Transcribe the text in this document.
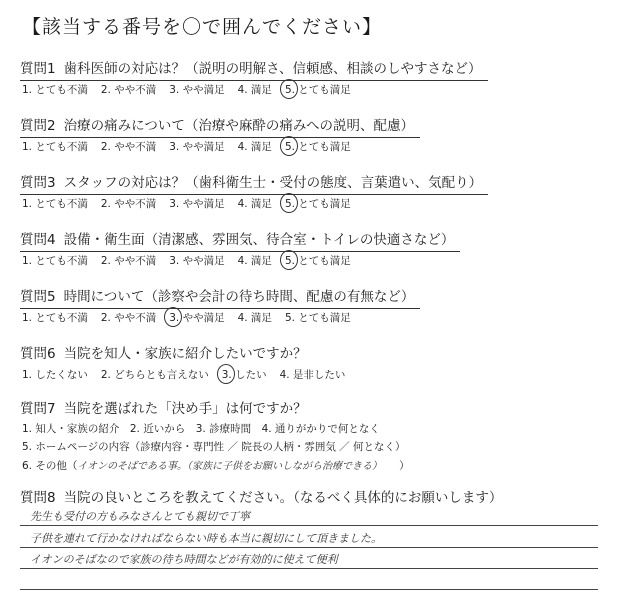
【該当する番号を〇で囲んでください】
質問1 歯科医師の対応は？（説明の明解さ、信頼感、相談のしやすさなど）
1. とても不満 2. やや不満 3. やや満足 4. 満足 5. とても満足
質問2 治療の痛みについて（治療や麻酔の痛みへの説明、配慮）
1. とても不満 2. やや不満 3. やや満足 4. 満足 5. とても満足
質問3 スタッフの対応は？（歯科衛生士・受付の態度、言葉遣い、気配り）
1. とても不満 2. やや不満 3. やや満足 4. 満足 5. とても満足
質問4 設備・衛生面（清潔感、雰囲気、待合室・トイレの快適さなど）
1. とても不満 2. やや不満 3. やや満足 4. 満足 5. とても満足
質問5 時間について（診察や会計の待ち時間、配慮の有無など）
1. とても不満 2. やや不満 3. やや満足 4. 満足 5. とても満足
質問6 当院を知人・家族に紹介したいですか？
1. したくない 2. どちらとも言えない 3. したい 4. 是非したい
質問7 当院を選ばれた「決め手」は何ですか？
1. 知人・家族の紹介　2. 近いから　3. 診療時間　4. 通りがかりで何となく
5. ホームページの内容（診療内容・専門性 ／ 院長の人柄・雰囲気 ／ 何となく）
6. その他（イオンのそばである事。（家族に子供をお願いしながら治療できる） ）
質問8 当院の良いところを教えてください。（なるべく具体的にお願いします）
先生も受付の方もみなさんとても親切で丁寧
子供を連れて行かなければならない時も本当に親切にして頂きました。
イオンのそばなので家族の待ち時間などが有効的に使えて便利
